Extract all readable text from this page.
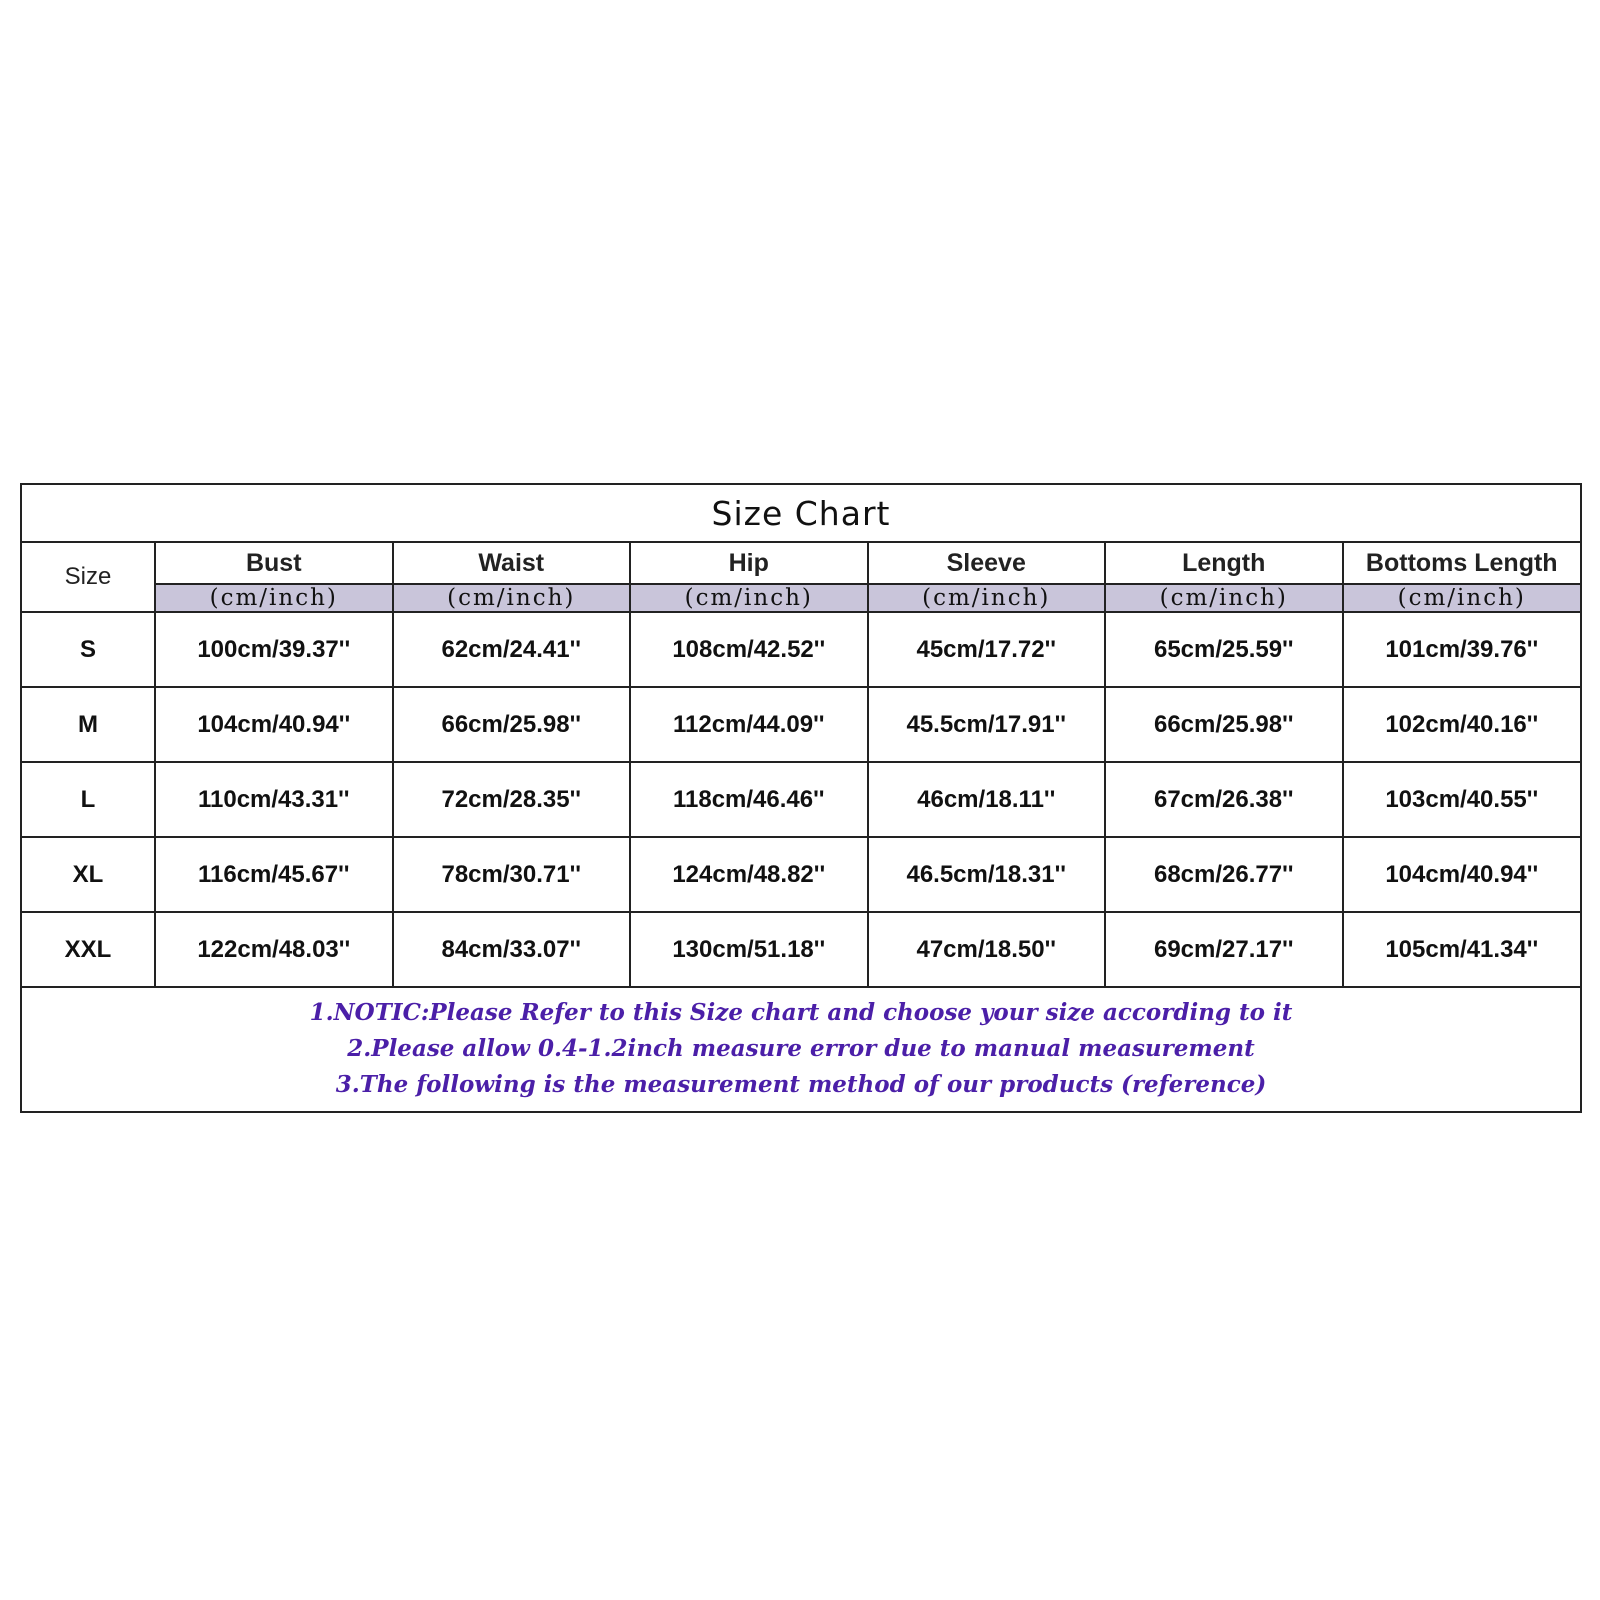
Size Chart
Size	Bust	Waist	Hip	Sleeve	Length	Bottoms Length
	(cm/inch)	(cm/inch)	(cm/inch)	(cm/inch)	(cm/inch)	(cm/inch)
S	100cm/39.37''	62cm/24.41''	108cm/42.52''	45cm/17.72''	65cm/25.59''	101cm/39.76''
M	104cm/40.94''	66cm/25.98''	112cm/44.09''	45.5cm/17.91''	66cm/25.98''	102cm/40.16''
L	110cm/43.31''	72cm/28.35''	118cm/46.46''	46cm/18.11''	67cm/26.38''	103cm/40.55''
XL	116cm/45.67''	78cm/30.71''	124cm/48.82''	46.5cm/18.31''	68cm/26.77''	104cm/40.94''
XXL	122cm/48.03''	84cm/33.07''	130cm/51.18''	47cm/18.50''	69cm/27.17''	105cm/41.34''
1.NOTIC:Please Refer to this Size chart and choose your size according to it
2.Please allow 0.4-1.2inch measure error due to manual measurement
3.The following is the measurement method of our products (reference)
